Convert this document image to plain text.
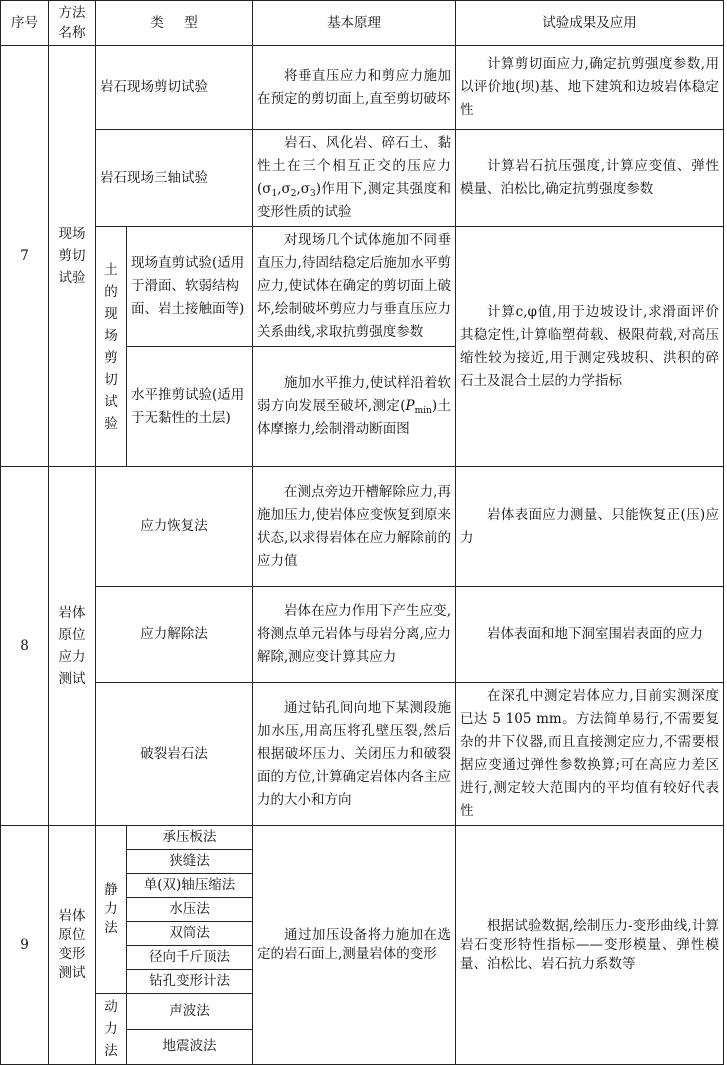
序号	方法名称	类 型		基本原理	试验成果及应用
7	现场剪切试验	岩石现场剪切试验		将垂直压应力和剪应力施加在预定的剪切面上,直至剪切破坏	计算剪切面应力,确定抗剪强度参数,用以评价地(坝)基、地下建筑和边坡岩体稳定性
		岩石现场三轴试验		岩石、风化岩、碎石土、黏性土在三个相互正交的压应力$(\sigma_1,\sigma_2,\sigma_3)$作用下,测定其强度和变形性质的试验	计算岩石抗压强度,计算应变值、弹性模量、泊松比,确定抗剪强度参数
		土的现场剪切试验	现场直剪试验(适用于滑面、软弱结构面、岩土接触面等)	对现场几个试体施加不同垂直压力,待固结稳定后施加水平剪应力,使试体在确定的剪切面上破坏,绘制破坏剪应力与垂直压应力关系曲线,求取抗剪强度参数	计算c,φ值,用于边坡设计,求滑面评价其稳定性,计算临塑荷载、极限荷载,对高压缩性较为接近,用于测定残坡积、洪积的碎石土及混合土层的力学指标
			水平推剪试验(适用于无黏性的土层)	施加水平推力,使试样沿着软弱方向发展至破坏,测定$(P_{min})$土体摩擦力,绘制滑动断面图	
8	岩体原位应力测试	应力恢复法		在测点旁边开槽解除应力,再施加压力,使岩体应变恢复到原来状态,以求得岩体在应力解除前的应力值	岩体表面应力测量、只能恢复正(压)应力
		应力解除法		岩体在应力作用下产生应变,将测点单元岩体与母岩分离,应力解除,测应变计算其应力	岩体表面和地下洞室围岩表面的应力
		破裂岩石法		通过钻孔间向地下某测段施加水压,用高压将孔壁压裂,然后根据破坏压力、关闭压力和破裂面的方位,计算确定岩体内各主应力的大小和方向	在深孔中测定岩体应力,目前实测深度已达 5 105 mm。方法简单易行,不需要复杂的井下仪器,而且直接测定应力,不需要根据应变通过弹性参数换算;可在高应力差区进行,测定较大范围内的平均值有较好代表性
9	岩体原位变形测试	静力法	承压板法	通过加压设备将力施加在选定的岩石面上,测量岩体的变形	根据试验数据,绘制压力-变形曲线,计算岩石变形特性指标——变形模量、弹性模量、泊松比、岩石抗力系数等
			狭缝法		
			单(双)轴压缩法		
			水压法		
			双筒法		
			径向千斤顶法		
			钻孔变形计法		
		动力法	声波法		
			地震波法		
